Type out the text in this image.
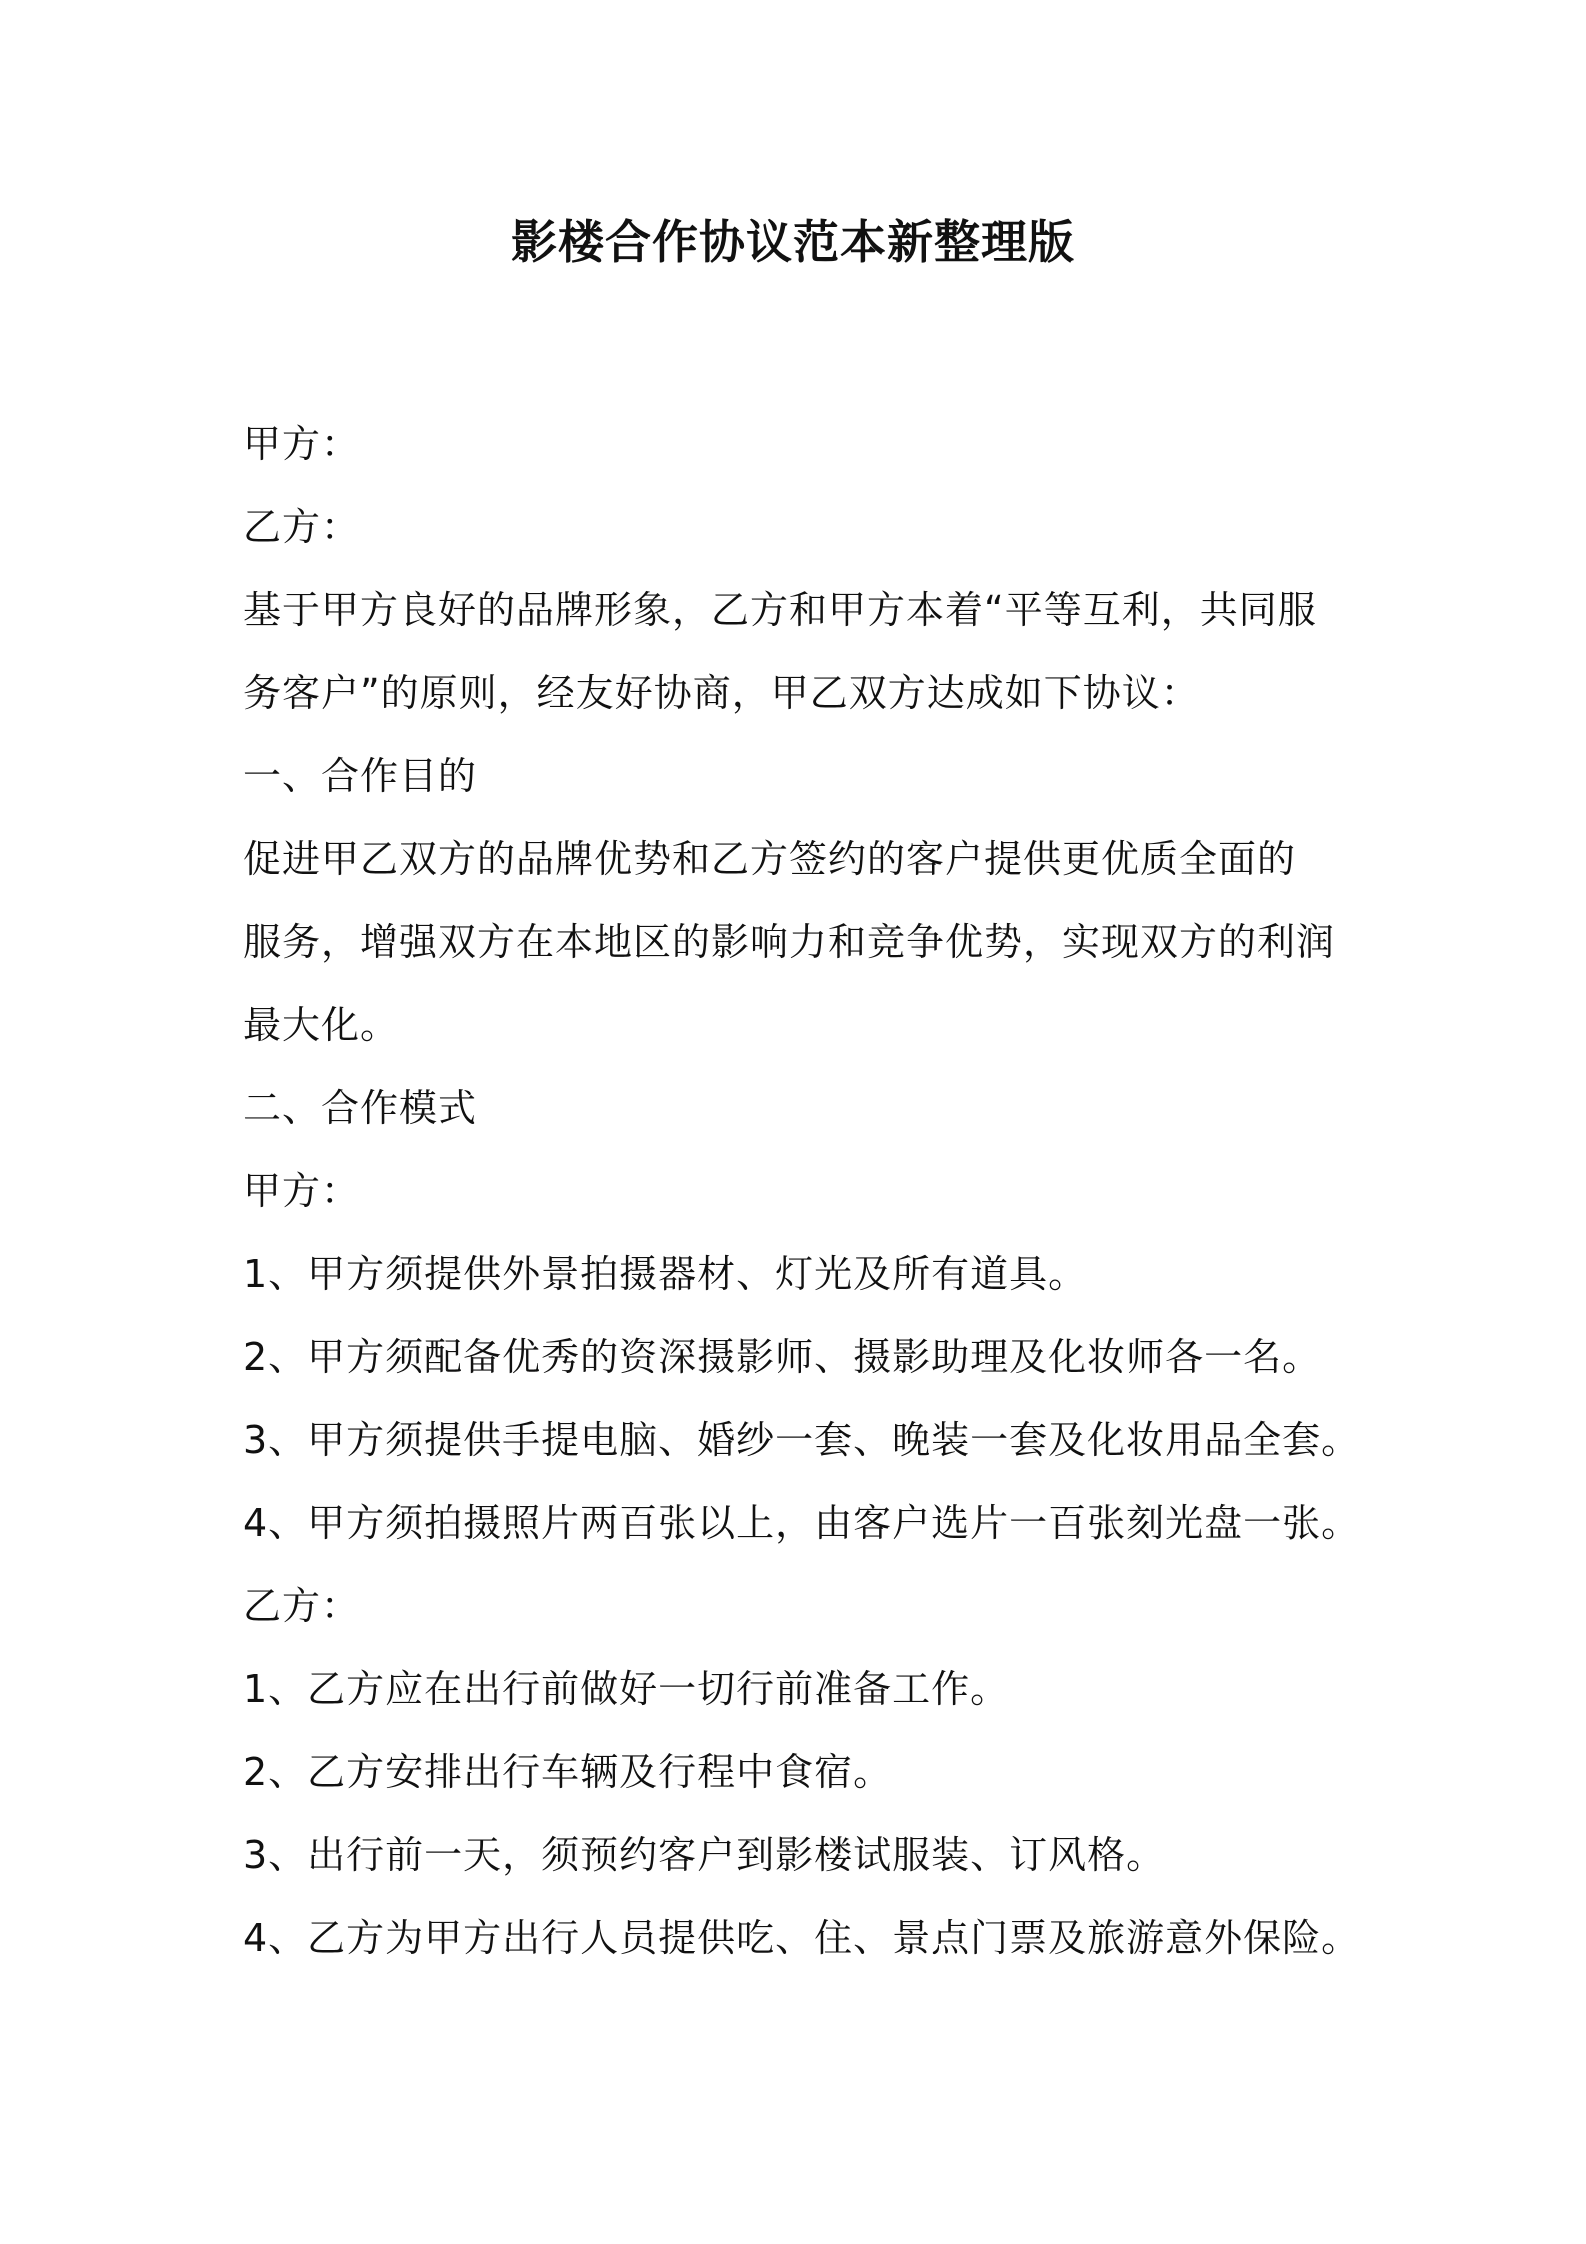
影楼合作协议范本新整理版
甲方：
乙方：
基于甲方良好的品牌形象，乙方和甲方本着“平等互利，共同服
务客户”的原则，经友好协商，甲乙双方达成如下协议：
一、合作目的
促进甲乙双方的品牌优势和乙方签约的客户提供更优质全面的
服务，增强双方在本地区的影响力和竞争优势，实现双方的利润
最大化。
二、合作模式
甲方：
1、甲方须提供外景拍摄器材、灯光及所有道具。
2、甲方须配备优秀的资深摄影师、摄影助理及化妆师各一名。
3、甲方须提供手提电脑、婚纱一套、晚装一套及化妆用品全套。
4、甲方须拍摄照片两百张以上，由客户选片一百张刻光盘一张。
乙方：
1、乙方应在出行前做好一切行前准备工作。
2、乙方安排出行车辆及行程中食宿。
3、出行前一天，须预约客户到影楼试服装、订风格。
4、乙方为甲方出行人员提供吃、住、景点门票及旅游意外保险。
